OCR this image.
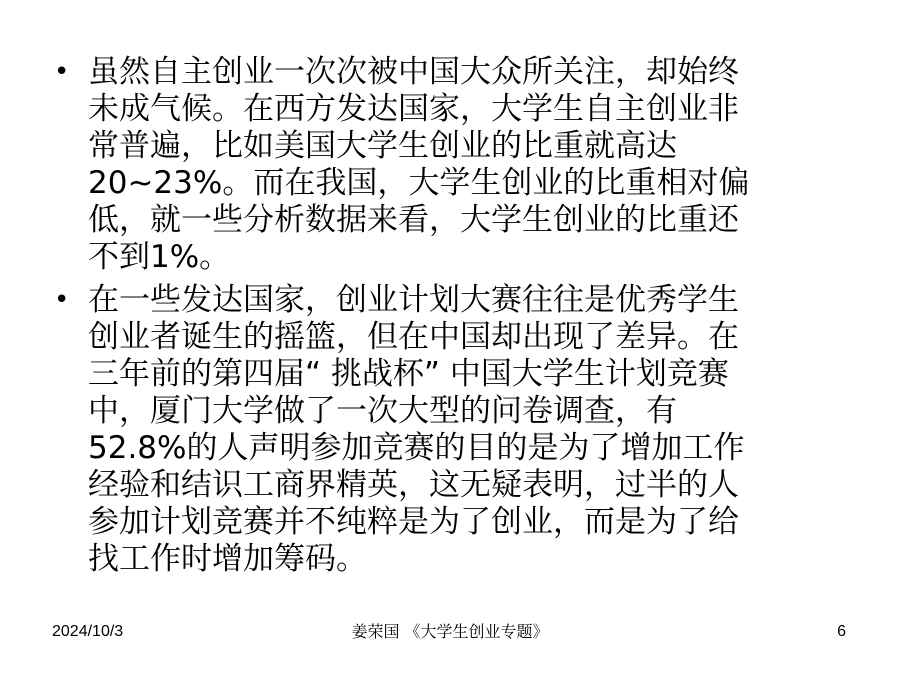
• 虽然自主创业一次次被中国大众所关注，却始终
未成气候。在西方发达国家，大学生自主创业非
常普遍，比如美国大学生创业的比重就高达
20~23%。而在我国，大学生创业的比重相对偏
低，就一些分析数据来看，大学生创业的比重还
不到1%。
• 在一些发达国家，创业计划大赛往往是优秀学生
创业者诞生的摇篮，但在中国却出现了差异。在
三年前的第四届“ 挑战杯” 中国大学生计划竞赛
中，厦门大学做了一次大型的问卷调查，有
52.8%的人声明参加竞赛的目的是为了增加工作
经验和结识工商界精英，这无疑表明，过半的人
参加计划竞赛并不纯粹是为了创业，而是为了给
找工作时增加筹码。
2024/10/3	姜荣国 《大学生创业专题》	6
